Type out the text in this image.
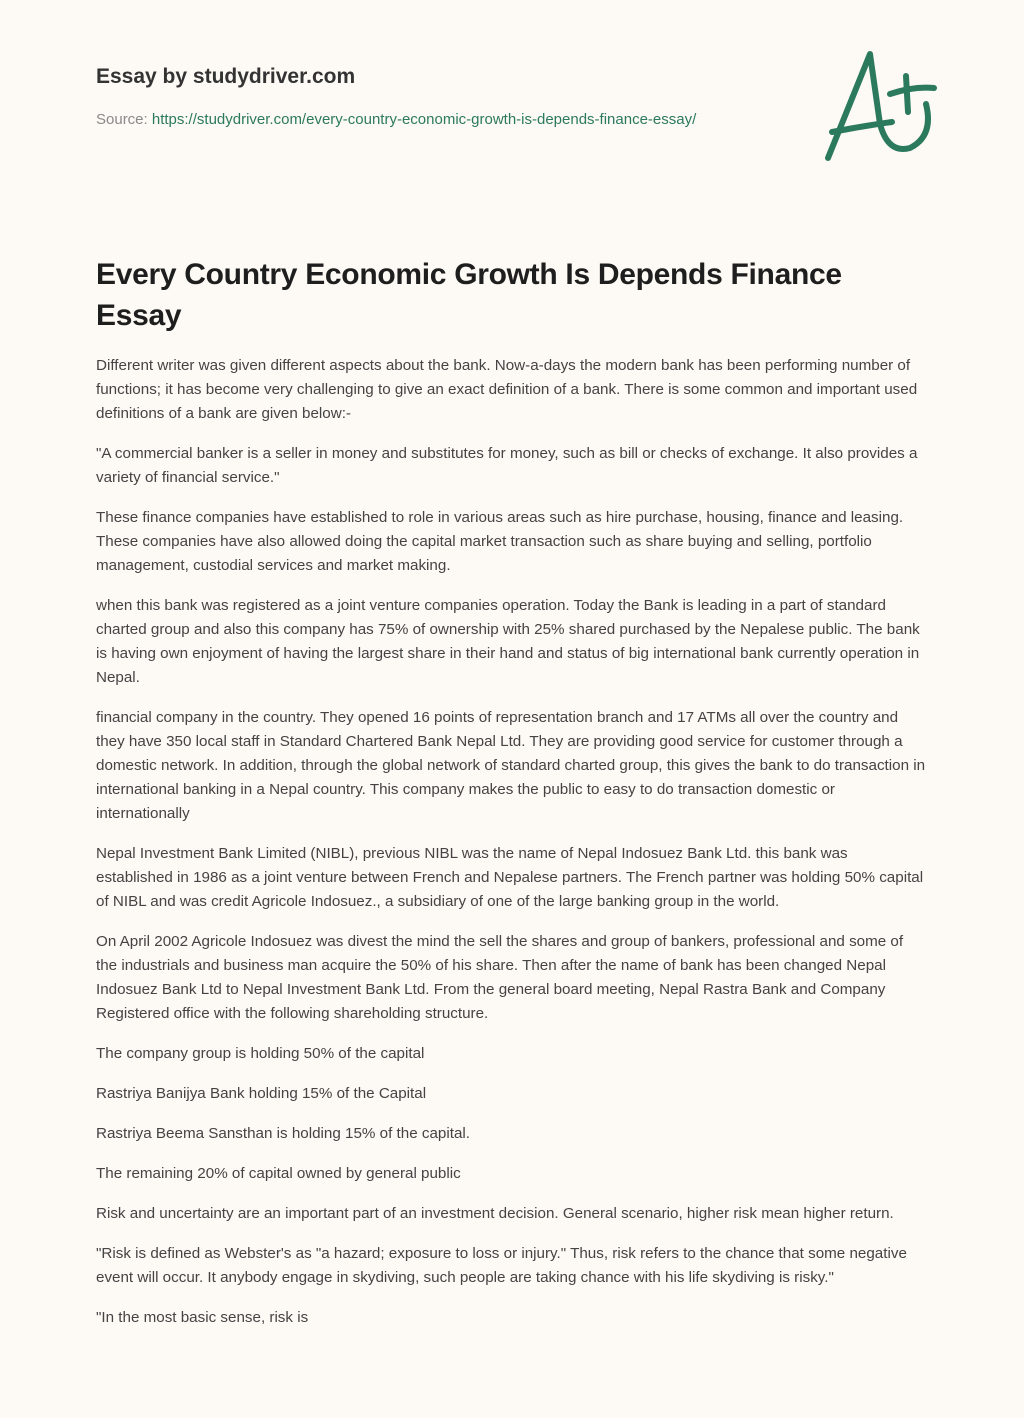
Essay by studydriver.com
Source: https://studydriver.com/every-country-economic-growth-is-depends-finance-essay/
Every Country Economic Growth Is Depends Finance Essay

Different writer was given different aspects about the bank. Now-a-days the modern bank has been performing number of functions; it has become very challenging to give an exact definition of a bank. There is some common and important used definitions of a bank are given below:-

"A commercial banker is a seller in money and substitutes for money, such as bill or checks of exchange. It also provides a variety of financial service."

These finance companies have established to role in various areas such as hire purchase, housing, finance and leasing. These companies have also allowed doing the capital market transaction such as share buying and selling, portfolio management, custodial services and market making.

when this bank was registered as a joint venture companies operation. Today the Bank is leading in a part of standard charted group and also this company has 75% of ownership with 25% shared purchased by the Nepalese public. The bank is having own enjoyment of having the largest share in their hand and status of big international bank currently operation in Nepal.

financial company in the country. They opened 16 points of representation branch and 17 ATMs all over the country and they have 350 local staff in Standard Chartered Bank Nepal Ltd. They are providing good service for customer through a domestic network. In addition, through the global network of standard charted group, this gives the bank to do transaction in international banking in a Nepal country. This company makes the public to easy to do transaction domestic or internationally

Nepal Investment Bank Limited (NIBL), previous NIBL was the name of Nepal Indosuez Bank Ltd. this bank was established in 1986 as a joint venture between French and Nepalese partners. The French partner was holding 50% capital of NIBL and was credit Agricole Indosuez., a subsidiary of one of the large banking group in the world.

On April 2002 Agricole Indosuez was divest the mind the sell the shares and group of bankers, professional and some of the industrials and business man acquire the 50% of his share. Then after the name of bank has been changed Nepal Indosuez Bank Ltd to Nepal Investment Bank Ltd. From the general board meeting, Nepal Rastra Bank and Company Registered office with the following shareholding structure.

The company group is holding 50% of the capital

Rastriya Banijya Bank holding 15% of the Capital

Rastriya Beema Sansthan is holding 15% of the capital.

The remaining 20% of capital owned by general public

Risk and uncertainty are an important part of an investment decision. General scenario, higher risk mean higher return.

"Risk is defined as Webster's as "a hazard; exposure to loss or injury." Thus, risk refers to the chance that some negative event will occur. It anybody engage in skydiving, such people are taking chance with his life skydiving is risky."

"In the most basic sense, risk is
